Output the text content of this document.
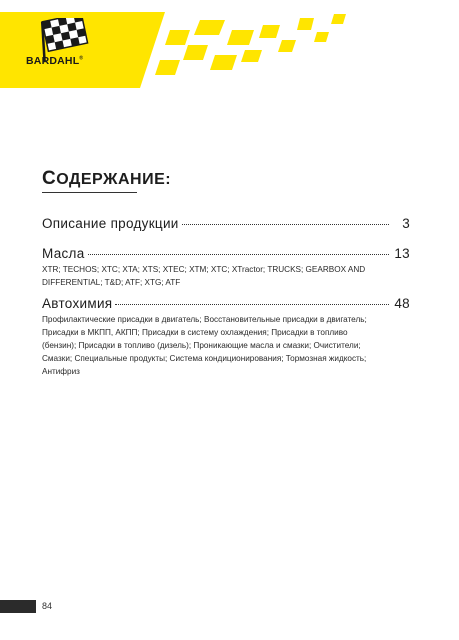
BARDAHL®
СОДЕРЖАНИЕ:
Описание продукции	3
Масла	13
XTR; TECHOS; XTC; XTA; XTS; XTEC; XTM; XTC; XTractor; TRUCKS; GEARBOX AND DIFFERENTIAL; T&D; ATF; XTG; ATF
Автохимия	48
Профилактические присадки в двигатель; Восстановительные присадки в двигатель; Присадки в МКПП, АКПП; Присадки в систему охлаждения; Присадки в топливо (бензин); Присадки в топливо (дизель); Проникающие масла и смазки; Очистители; Смазки; Специальные продукты; Система кондиционирования; Тормозная жидкость; Антифриз
84
